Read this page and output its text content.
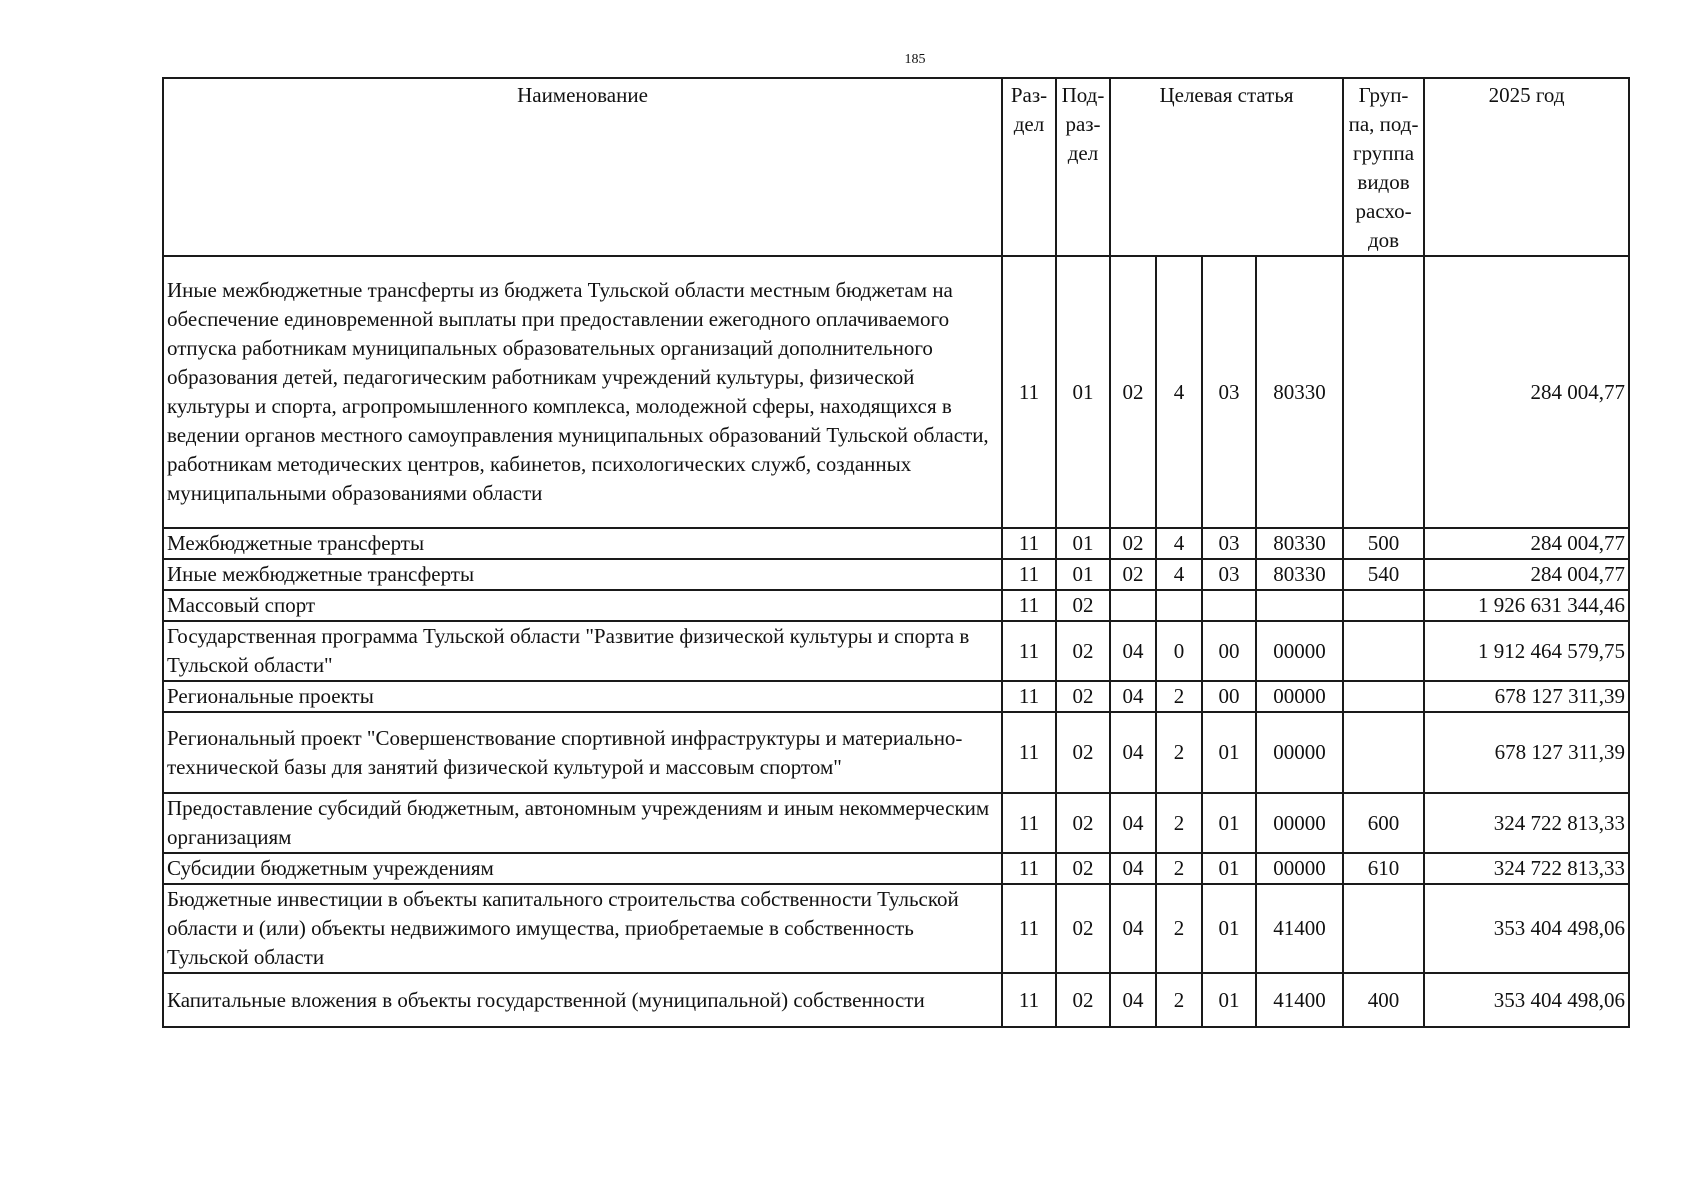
185
Наименование	Раз-дел	Под-раз-дел	Целевая статья				Груп-па, под-группа видов расхо-дов	2025 год
Иные межбюджетные трансферты из бюджета Тульской области местным бюджетам на обеспечение единовременной выплаты при предоставлении ежегодного оплачиваемого отпуска работникам муниципальных образовательных организаций дополнительного образования детей, педагогическим работникам учреждений культуры, физической культуры и спорта, агропромышленного комплекса, молодежной сферы, находящихся в ведении органов местного самоуправления муниципальных образований Тульской области, работникам методических центров, кабинетов, психологических служб, созданных муниципальными образованиями области	11	01	02	4	03	80330		284 004,77
Межбюджетные трансферты	11	01	02	4	03	80330	500	284 004,77
Иные межбюджетные трансферты	11	01	02	4	03	80330	540	284 004,77
Массовый спорт	11	02						1 926 631 344,46
Государственная программа Тульской области "Развитие физической культуры и спорта в Тульской области"	11	02	04	0	00	00000		1 912 464 579,75
Региональные проекты	11	02	04	2	00	00000		678 127 311,39
Региональный проект "Совершенствование спортивной инфраструктуры и материально-технической базы для занятий физической культурой и массовым спортом"	11	02	04	2	01	00000		678 127 311,39
Предоставление субсидий бюджетным, автономным учреждениям и иным некоммерческим организациям	11	02	04	2	01	00000	600	324 722 813,33
Субсидии бюджетным учреждениям	11	02	04	2	01	00000	610	324 722 813,33
Бюджетные инвестиции в объекты капитального строительства собственности Тульской области и (или) объекты недвижимого имущества, приобретаемые в собственность Тульской области	11	02	04	2	01	41400		353 404 498,06
Капитальные вложения в объекты государственной (муниципальной) собственности	11	02	04	2	01	41400	400	353 404 498,06
